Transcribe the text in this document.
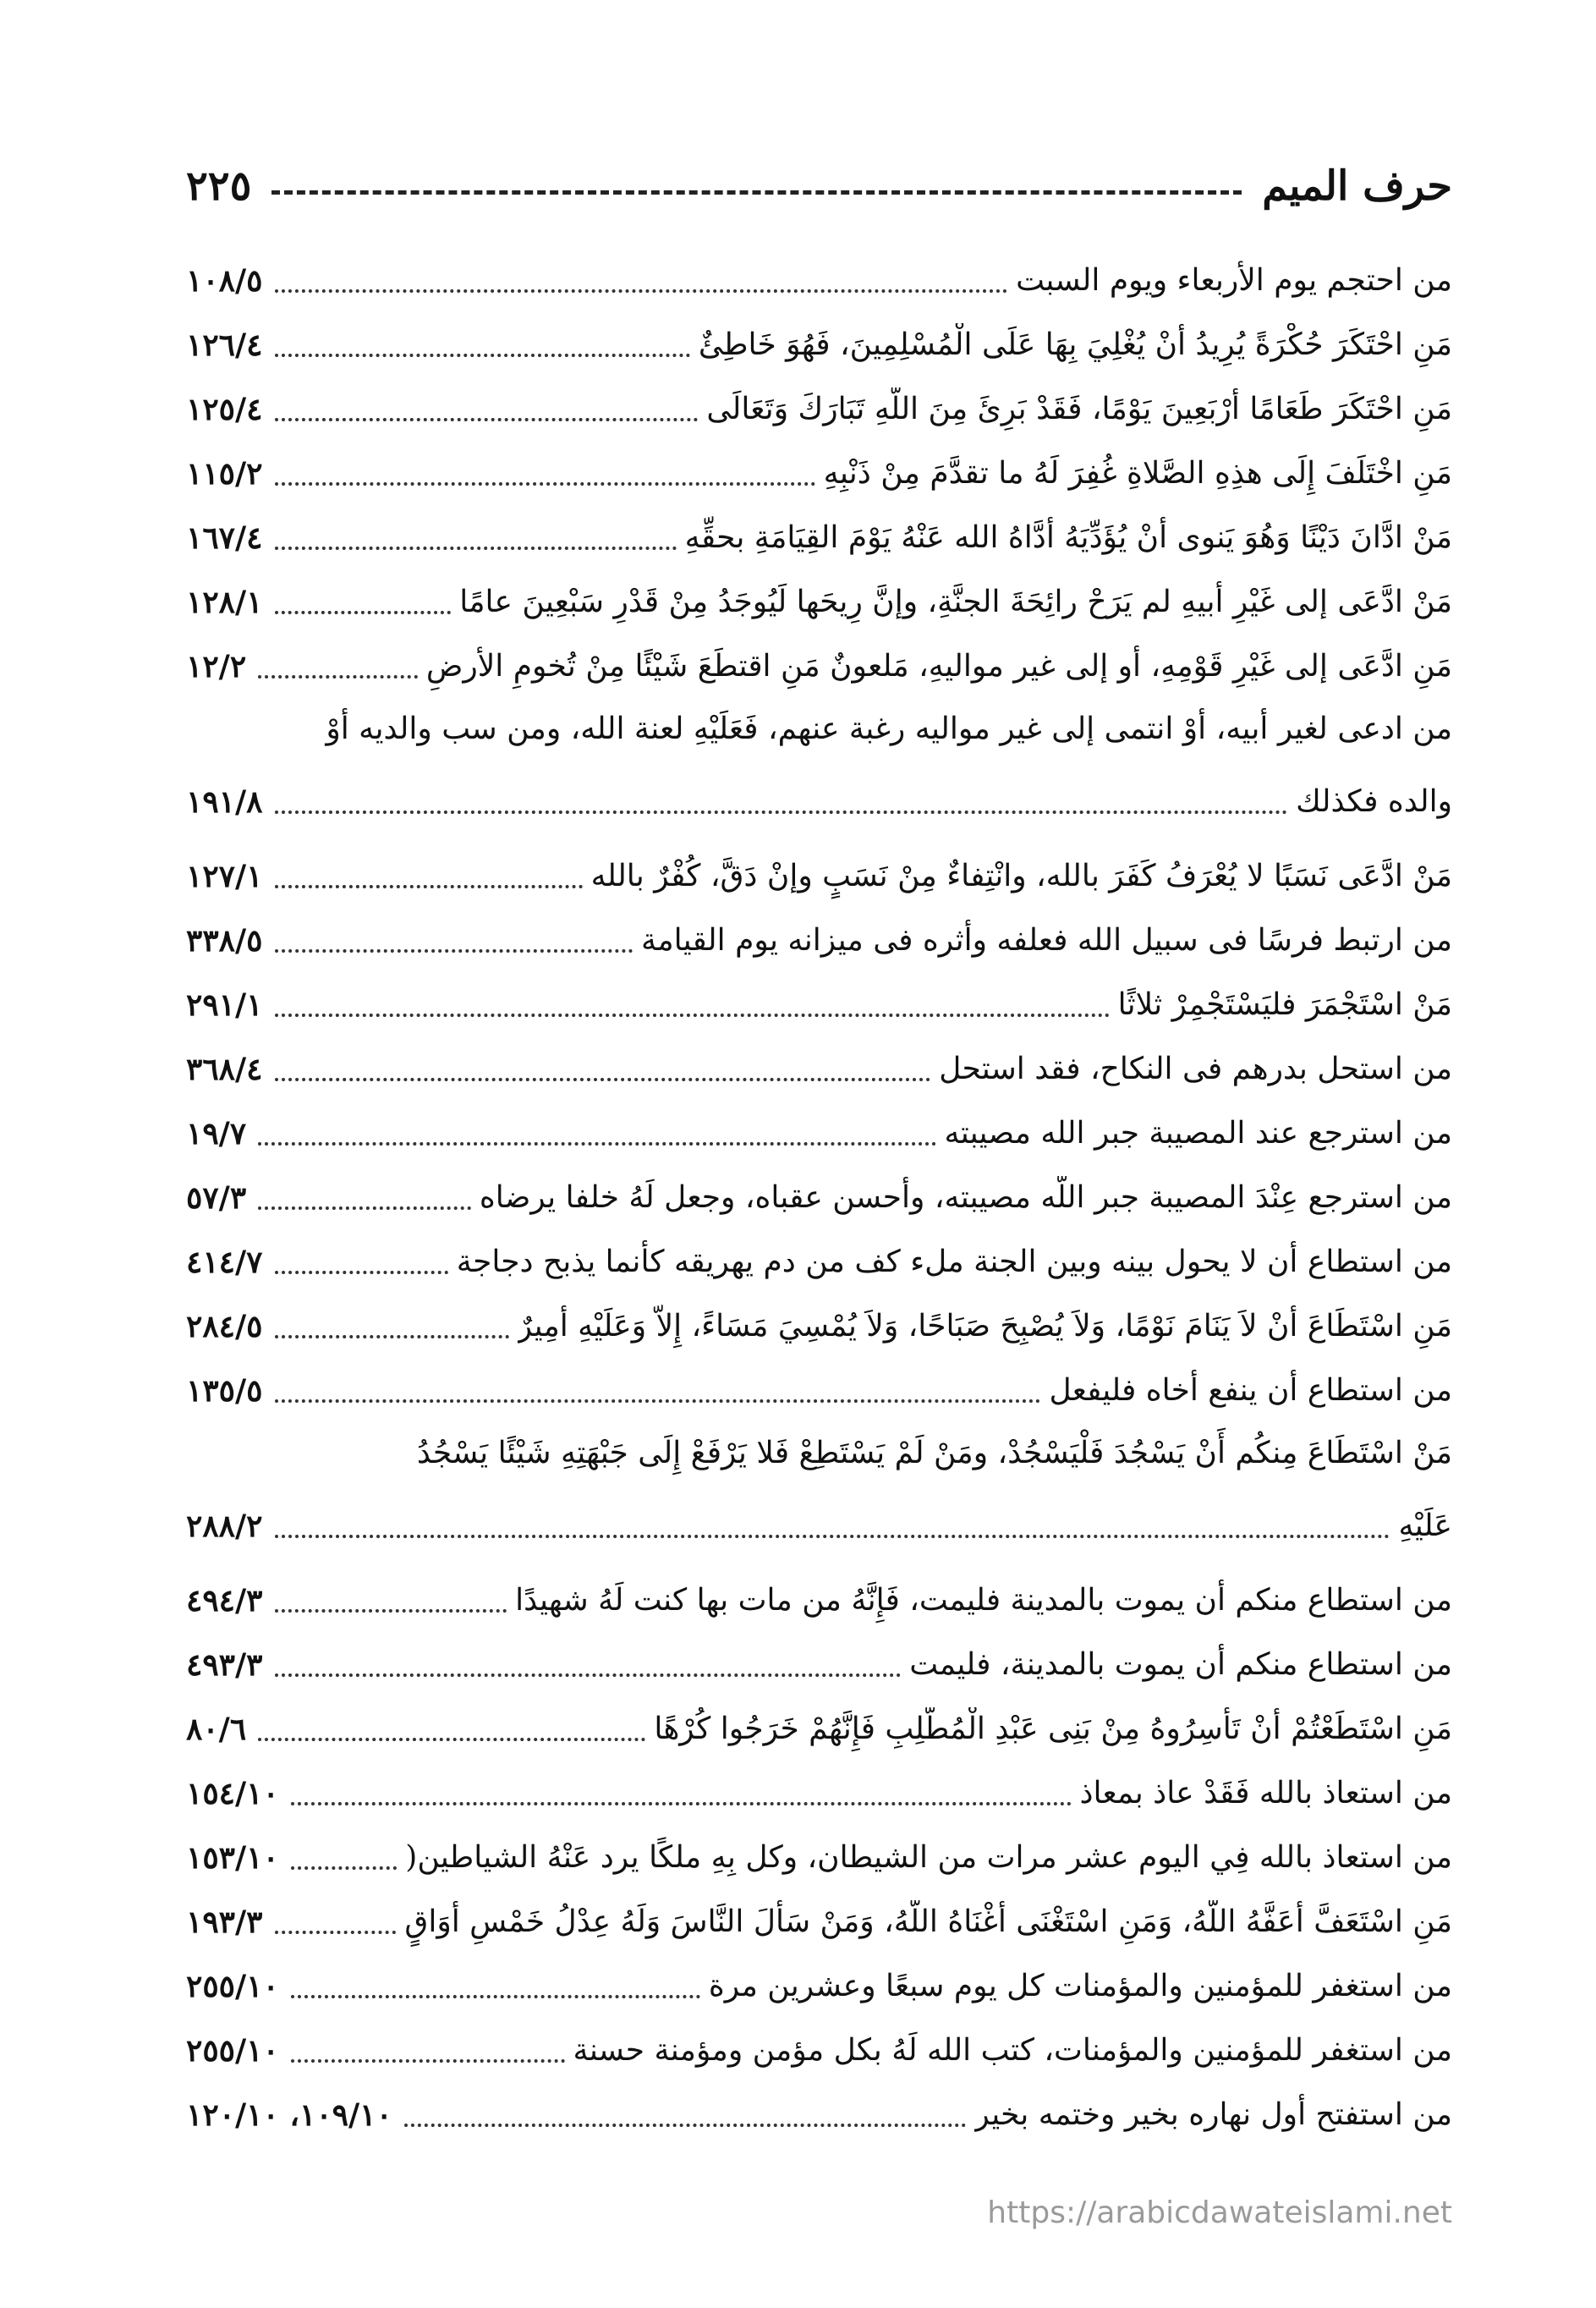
حرف الميم
٢٢٥
من احتجم يوم الأربعاء ويوم السبت
١٠٨/٥
مَنِ احْتَكَرَ حُكْرَةً يُرِيدُ أَنْ يُغْلِيَ بِهَا عَلَى الْمُسْلِمِينَ، فَهُوَ خَاطِئٌ
١٢٦/٤
مَنِ احْتَكَرَ طَعَامًا أَرْبَعِينَ يَوْمًا، فَقَدْ بَرِئَ مِنَ اللَّهِ تَبَارَكَ وَتَعَالَى
١٢٥/٤
مَنِ اخْتَلَفَ إِلَى هذِهِ الصَّلاةِ غُفِرَ لَهُ ما تقدَّمَ مِنْ ذَنْبِهِ
١١٥/٢
مَنْ ادَّانَ دَيْنًا وَهُوَ يَنوى أَنْ يُؤَدِّيَهُ أَدَّاهُ الله عَنْهُ يَوْمَ القِيَامَةِ بحقِّهِ
١٦٧/٤
مَنْ ادَّعَى إلى غَيْرِ أبيهِ لم يَرَحْ رائِحَةَ الجنَّةِ، وإنَّ رِيحَها لَيُوجَدُ مِنْ قَدْرِ سَبْعِينَ عامًا
١٢٨/١
مَنِ ادَّعَى إلى غَيْرِ قَوْمِهِ، أو إلى غير مواليهِ، مَلعونٌ مَنِ اقتطَعَ شَيْئًا مِنْ تُخومِ الأرضِ
١٢/٢
من ادعى لغير أبيه، أوْ انتمى إلى غير مواليه رغبة عنهم، فَعَلَيْهِ لعنة الله، ومن سب والديه أوْ
والده فكذلك
١٩١/٨
مَنْ ادَّعَى نَسَبًا لا يُعْرَفُ كَفَرَ بالله، وانْتِفاءٌ مِنْ نَسَبٍ وإنْ دَقَّ، كُفْرٌ بالله
١٢٧/١
من ارتبط فرسًا فى سبيل الله فعلفه وأثره فى ميزانه يوم القيامة
٣٣٨/٥
مَنْ اسْتَجْمَرَ فليَسْتَجْمِرْ ثلاثًا
٢٩١/١
من استحل بدرهم فى النكاح، فقد استحل
٣٦٨/٤
من استرجع عند المصيبة جبر الله مصيبته
١٩/٧
من استرجع عِنْدَ المصيبة جبر اللَّه مصيبته، وأحسن عقباه، وجعل لَهُ خلفا يرضاه
٥٧/٣
من استطاع أن لا يحول بينه وبين الجنة ملء كف من دم يهريقه كأنما يذبح دجاجة
٤١٤/٧
مَنِ اسْتَطَاعَ أَنْ لاَ يَنَامَ نَوْمًا، وَلاَ يُصْبِحَ صَبَاحًا، وَلاَ يُمْسِيَ مَسَاءً، إِلاَّ وَعَلَيْهِ أَمِيرٌ
٢٨٤/٥
من استطاع أن ينفع أخاه فليفعل
١٣٥/٥
مَنْ اسْتَطَاعَ مِنكُم أَنْ يَسْجُدَ فَلْيَسْجُدْ، ومَنْ لَمْ يَسْتَطِعْ فَلا يَرْفَعْ إِلَى جَبْهَتِهِ شَيْئًا يَسْجُدُ
عَلَيْهِ
٢٨٨/٢
من استطاع منكم أن يموت بالمدينة فليمت، فَإِنَّهُ من مات بها كنت لَهُ شهيدًا
٤٩٤/٣
من استطاع منكم أن يموت بالمدينة، فليمت
٤٩٣/٣
مَنِ اسْتَطَعْتُمْ أَنْ تَأْسِرُوهُ مِنْ بَنِى عَبْدِ الْمُطَّلِبِ فَإِنَّهُمْ خَرَجُوا كُرْهًا
٨٠/٦
من استعاذ بالله فَقَدْ عاذ بمعاذ
١٥٤/١٠
من استعاذ بالله فِي اليوم عشر مرات من الشيطان، وكل بِهِ ملكًا يرد عَنْهُ الشياطين(
١٥٣/١٠
مَنِ اسْتَعَفَّ أَعَفَّهُ اللَّهُ، وَمَنِ اسْتَغْنَى أَغْنَاهُ اللَّهُ، وَمَنْ سَأَلَ النَّاسَ وَلَهُ عِدْلُ خَمْسِ أَوَاقٍ
١٩٣/٣
من استغفر للمؤمنين والمؤمنات كل يوم سبعًا وعشرين مرة
٢٥٥/١٠
من استغفر للمؤمنين والمؤمنات، كتب الله لَهُ بكل مؤمن ومؤمنة حسنة
٢٥٥/١٠
من استفتح أول نهاره بخير وختمه بخير
١٠٩/١٠، ١٢٠/١٠
https://arabicdawateislami.net
